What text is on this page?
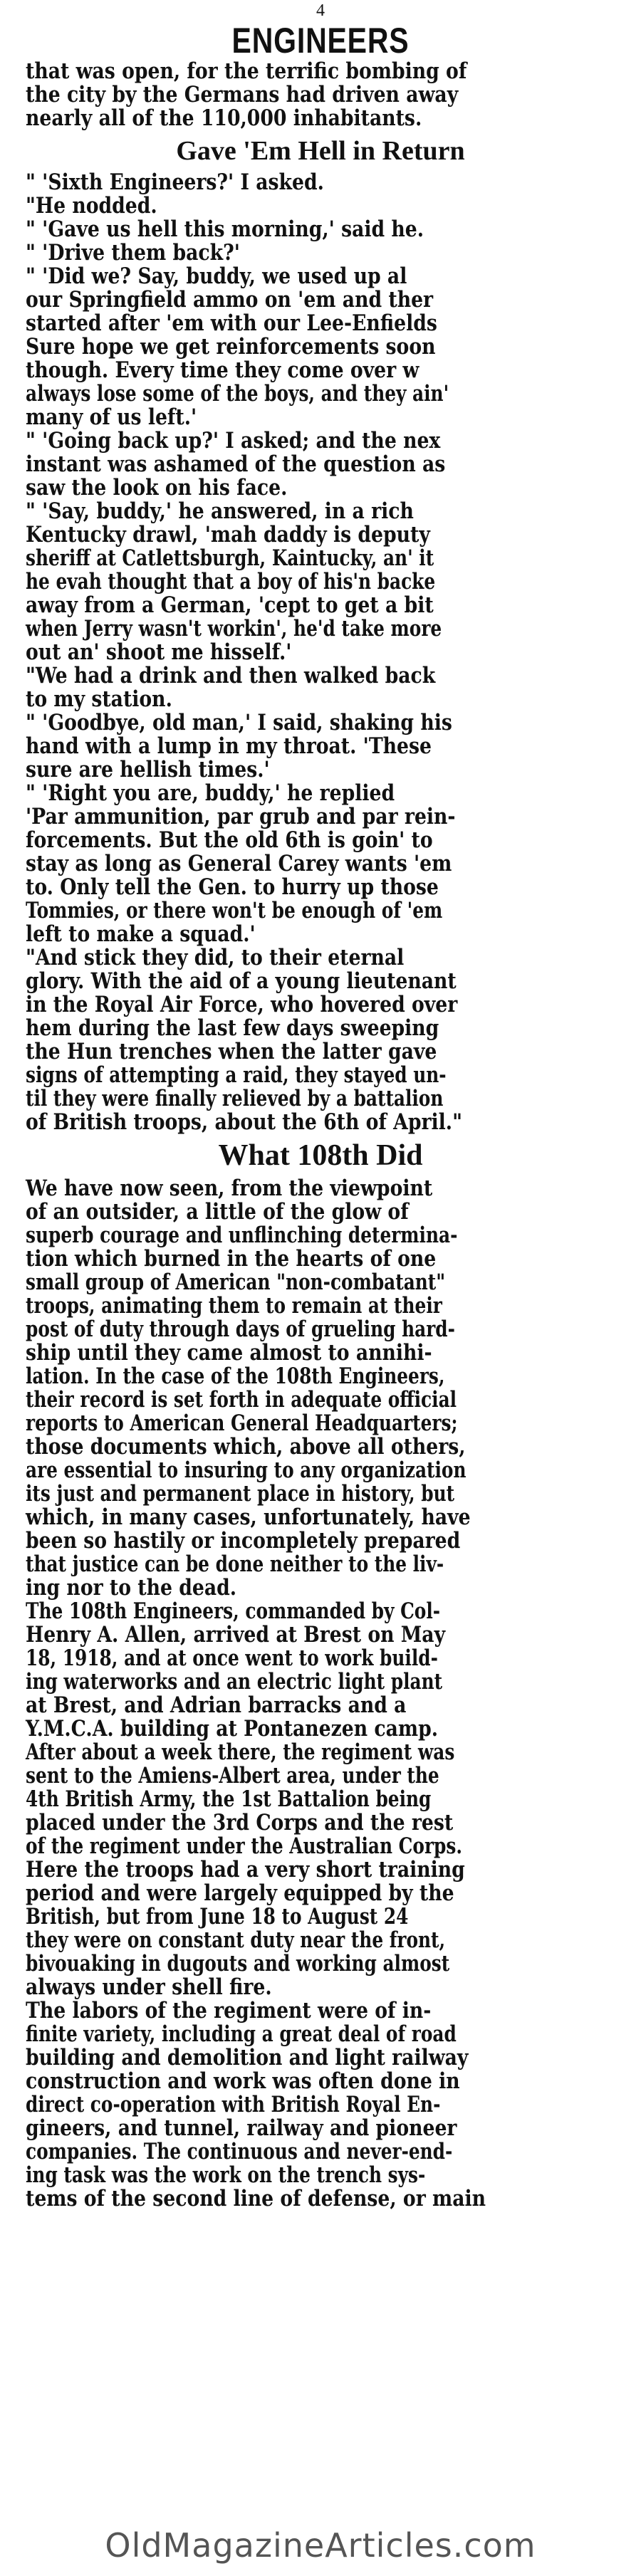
4
ENGINEERS
that was open, for the terrific bombing of
the city by the Germans had driven away
nearly all of the 110,000 inhabitants.
Gave 'Em Hell in Return
" 'Sixth Engineers?' I asked.
"He nodded.
" 'Gave us hell this morning,' said he.
" 'Drive them back?'
" 'Did we? Say, buddy, we used up al
our Springfield ammo on 'em and ther
started after 'em with our Lee-Enfields
Sure hope we get reinforcements soon
though. Every time they come over w
always lose some of the boys, and they ain'
many of us left.'
" 'Going back up?' I asked; and the nex
instant was ashamed of the question as
saw the look on his face.
" 'Say, buddy,' he answered, in a rich
Kentucky drawl, 'mah daddy is deputy
sheriff at Catlettsburgh, Kaintucky, an' it
he evah thought that a boy of his'n backe
away from a German, 'cept to get a bit
when Jerry wasn't workin', he'd take more
out an' shoot me hisself.'
"We had a drink and then walked back
to my station.
" 'Goodbye, old man,' I said, shaking his
hand with a lump in my throat. 'These
sure are hellish times.'
" 'Right you are, buddy,' he replied
'Par ammunition, par grub and par rein-
forcements. But the old 6th is goin' to
stay as long as General Carey wants 'em
to. Only tell the Gen. to hurry up those
Tommies, or there won't be enough of 'em
left to make a squad.'
"And stick they did, to their eternal
glory. With the aid of a young lieutenant
in the Royal Air Force, who hovered over
hem during the last few days sweeping
the Hun trenches when the latter gave
signs of attempting a raid, they stayed un-
til they were finally relieved by a battalion
of British troops, about the 6th of April."
What 108th Did
We have now seen, from the viewpoint
of an outsider, a little of the glow of
superb courage and unflinching determina-
tion which burned in the hearts of one
small group of American "non-combatant"
troops, animating them to remain at their
post of duty through days of grueling hard-
ship until they came almost to annihi-
lation. In the case of the 108th Engineers,
their record is set forth in adequate official
reports to American General Headquarters;
those documents which, above all others,
are essential to insuring to any organization
its just and permanent place in history, but
which, in many cases, unfortunately, have
been so hastily or incompletely prepared
that justice can be done neither to the liv-
ing nor to the dead.
The 108th Engineers, commanded by Col-
Henry A. Allen, arrived at Brest on May
18, 1918, and at once went to work build-
ing waterworks and an electric light plant
at Brest, and Adrian barracks and a
Y.M.C.A. building at Pontanezen camp.
After about a week there, the regiment was
sent to the Amiens-Albert area, under the
4th British Army, the 1st Battalion being
placed under the 3rd Corps and the rest
of the regiment under the Australian Corps.
Here the troops had a very short training
period and were largely equipped by the
British, but from June 18 to August 24
they were on constant duty near the front,
bivouaking in dugouts and working almost
always under shell fire.
The labors of the regiment were of in-
finite variety, including a great deal of road
building and demolition and light railway
construction and work was often done in
direct co-operation with British Royal En-
gineers, and tunnel, railway and pioneer
companies. The continuous and never-end-
ing task was the work on the trench sys-
tems of the second line of defense, or main
OldMagazineArticles.com
